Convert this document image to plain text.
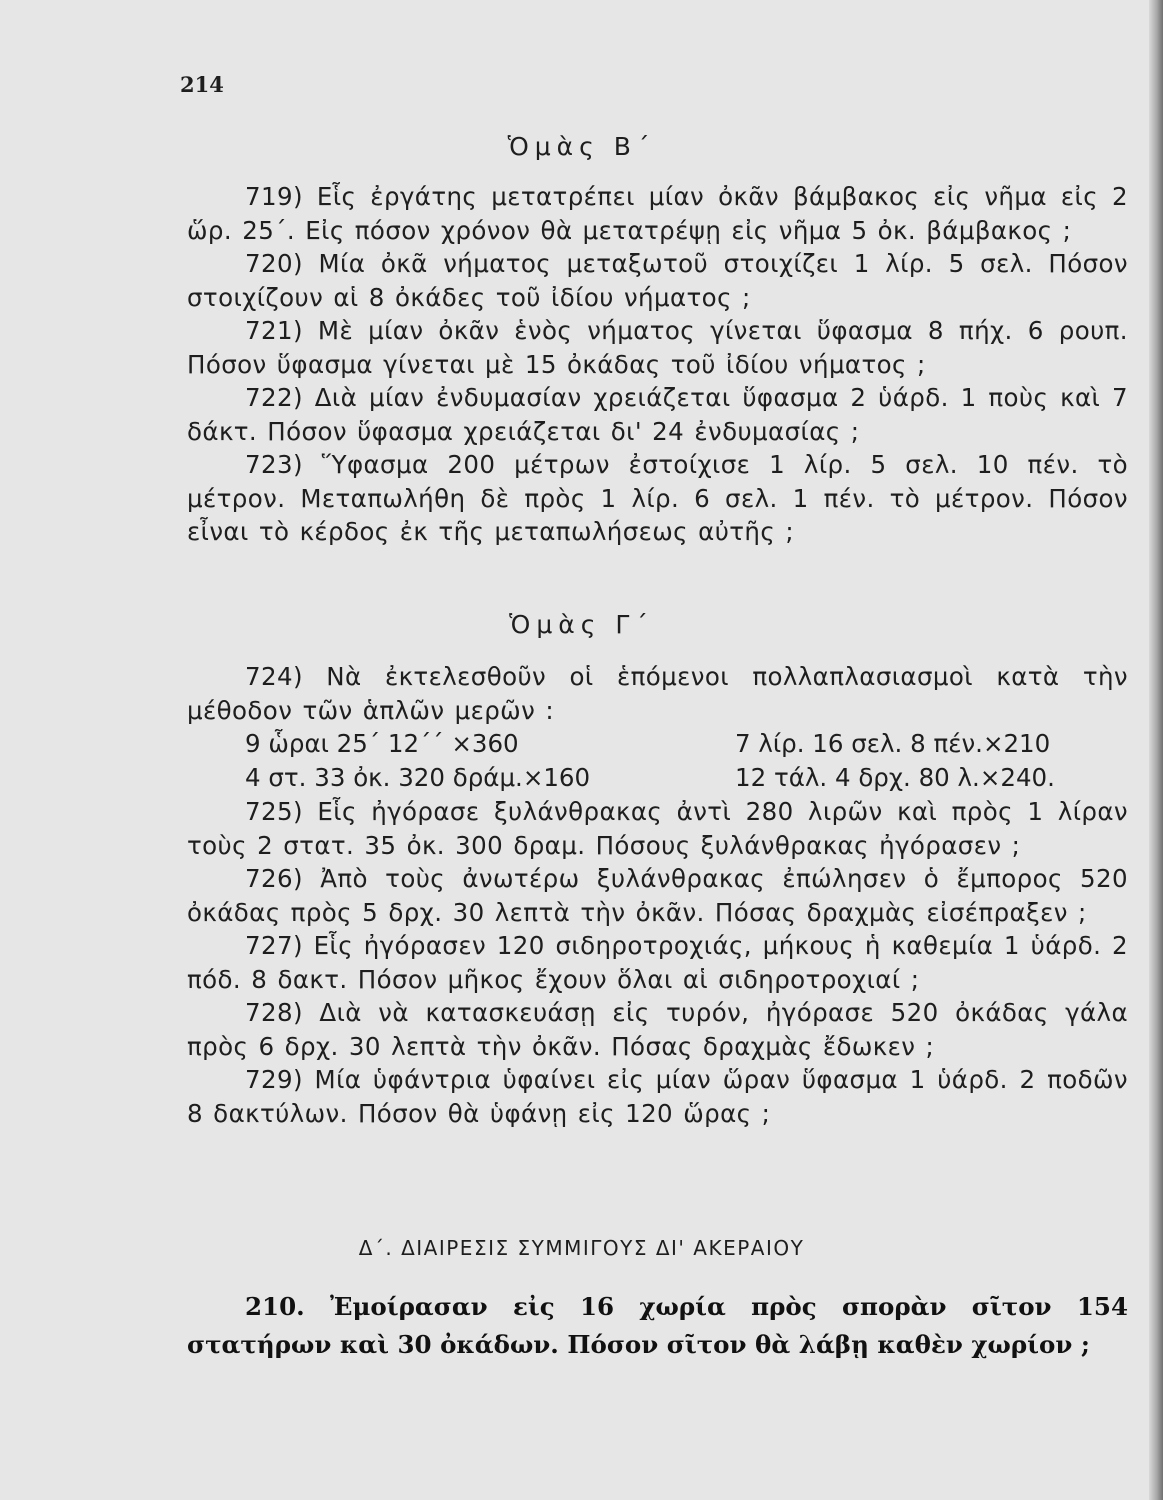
214
Ὁμὰς Β΄
719) Εἷς ἐργάτης μετατρέπει μίαν ὀκᾶν βάμβακος εἰς νῆμα εἰς 2 ὥρ. 25΄. Εἰς πόσον χρόνον θὰ μετατρέψῃ εἰς νῆμα 5 ὀκ. βάμβακος ;
720) Μία ὀκᾶ νήματος μεταξωτοῦ στοιχίζει 1 λίρ. 5 σελ. Πόσον στοιχίζουν αἱ 8 ὀκάδες τοῦ ἰδίου νήματος ;
721) Μὲ μίαν ὀκᾶν ἑνὸς νήματος γίνεται ὕφασμα 8 πήχ. 6 ρουπ. Πόσον ὕφασμα γίνεται μὲ 15 ὀκάδας τοῦ ἰδίου νήματος ;
722) Διὰ μίαν ἐνδυμασίαν χρειάζεται ὕφασμα 2 ὑάρδ. 1 ποὺς καὶ 7 δάκτ. Πόσον ὕφασμα χρειάζεται δι' 24 ἐνδυμασίας ;
723) Ὕφασμα 200 μέτρων ἐστοίχισε 1 λίρ. 5 σελ. 10 πέν. τὸ μέτρον. Μεταπωλήθη δὲ πρὸς 1 λίρ. 6 σελ. 1 πέν. τὸ μέτρον. Πόσον εἶναι τὸ κέρδος ἐκ τῆς μεταπωλήσεως αὐτῆς ;
Ὁμὰς Γ΄
724) Νὰ ἐκτελεσθοῦν οἱ ἑπόμενοι πολλαπλασιασμοὶ κατὰ τὴν μέθοδον τῶν ἁπλῶν μερῶν :
9 ὧραι 25΄ 12΄΄ ×360	7 λίρ. 16 σελ. 8 πέν.×210
4 στ. 33 ὀκ. 320 δράμ.×160	12 τάλ. 4 δρχ. 80 λ.×240.
725) Εἷς ἠγόρασε ξυλάνθρακας ἀντὶ 280 λιρῶν καὶ πρὸς 1 λίραν τοὺς 2 στατ. 35 ὀκ. 300 δραμ. Πόσους ξυλάνθρακας ἠγόρασεν ;
726) Ἀπὸ τοὺς ἀνωτέρω ξυλάνθρακας ἐπώλησεν ὁ ἔμπορος 520 ὀκάδας πρὸς 5 δρχ. 30 λεπτὰ τὴν ὀκᾶν. Πόσας δραχμὰς εἰσέπραξεν ;
727) Εἷς ἠγόρασεν 120 σιδηροτροχιάς, μήκους ἡ καθεμία 1 ὑάρδ. 2 πόδ. 8 δακτ. Πόσον μῆκος ἔχουν ὅλαι αἱ σιδηροτροχιαί ;
728) Διὰ νὰ κατασκευάσῃ εἰς τυρόν, ἠγόρασε 520 ὀκάδας γάλα πρὸς 6 δρχ. 30 λεπτὰ τὴν ὀκᾶν. Πόσας δραχμὰς ἔδωκεν ;
729) Μία ὑφάντρια ὑφαίνει εἰς μίαν ὥραν ὕφασμα 1 ὑάρδ. 2 ποδῶν 8 δακτύλων. Πόσον θὰ ὑφάνῃ εἰς 120 ὥρας ;
Δ΄. ΔΙΑΙΡΕΣΙΣ ΣΥΜΜΙΓΟΥΣ ΔΙ' ΑΚΕΡΑΙΟΥ
210. Ἐμοίρασαν εἰς 16 χωρία πρὸς σπορὰν σῖτον 154 στατήρων καὶ 30 ὀκάδων. Πόσον σῖτον θὰ λάβῃ καθὲν χωρίον ;
